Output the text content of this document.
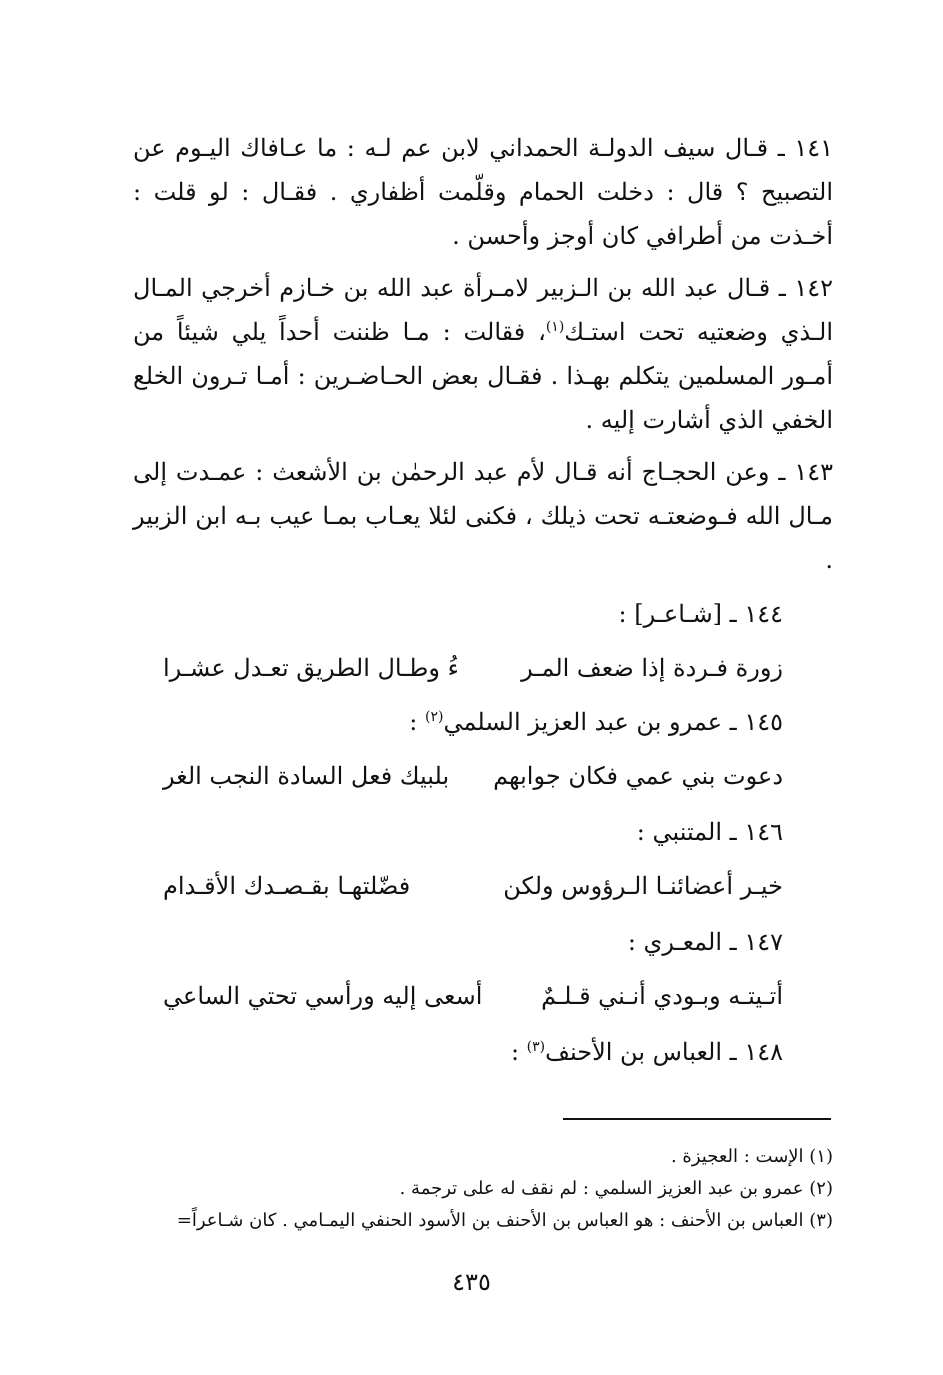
١٤١ ـ قـال سيف الدولـة الحمداني لابن عم لـه : ما عـافاك اليـوم عن التصبيح ؟ قال : دخلت الحمام وقلّمت أظفاري . فقـال : لو قلت : أخـذت من أطرافي كان أوجز وأحسن .
١٤٢ ـ قـال عبد الله بن الـزبير لامـرأة عبد الله بن خـازم أخرجي المـال الـذي وضعتيه تحت استـك$^{(١)}$، فقالت : مـا ظننت أحداً يلي شيئاً من أمـور المسلمين يتكلم بهـذا . فقـال بعض الحـاضـرين : أمـا تـرون الخلع الخفي الذي أشارت إليه .
١٤٣ ـ وعن الحجـاج أنه قـال لأم عبد الرحمٰن بن الأشعث : عمـدت إلى مـال الله فـوضعتـه تحت ذيلك ، فكنى لئلا يعـاب بمـا عيب بـه ابن الزبير .
١٤٤ ـ [شـاعـر] :
زورة فـردة إذا ضعف المـر
ءُ وطـال الطريق تعـدل عشـرا
١٤٥ ـ عمرو بن عبد العزيز السلمي$^{(٢)}$ :
دعوت بني عمي فكان جوابهم
بلبيك فعل السادة النجب الغر
١٤٦ ـ المتنبي :
خيـر أعضائنـا الـرؤوس ولكن
فضّلتهـا بقـصـدك الأقـدام
١٤٧ ـ المعـري :
أتـيتـه وبـودي أنـني قـلـمٌ
أسعى إليه ورأسي تحتي الساعي
١٤٨ ـ العباس بن الأحنف$^{(٣)}$ :
(١) الإست : العجيزة .
(٢) عمرو بن عبد العزيز السلمي : لم نقف له على ترجمة .
(٣) العباس بن الأحنف : هو العباس بن الأحنف بن الأسود الحنفي اليمـامي . كان شـاعراً=
٤٣٥
